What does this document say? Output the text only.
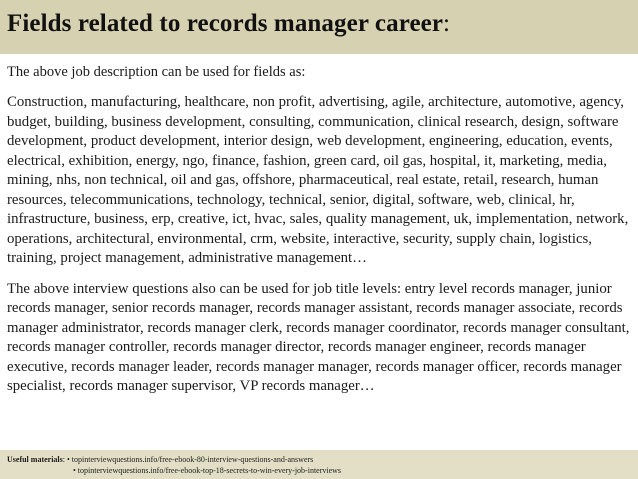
Fields related to records manager career:

The above job description can be used for fields as:

Construction, manufacturing, healthcare, non profit, advertising, agile, architecture, automotive, agency, budget, building, business development, consulting, communication, clinical research, design, software development, product development, interior design, web development, engineering, education, events, electrical, exhibition, energy, ngo, finance, fashion, green card, oil gas, hospital, it, marketing, media, mining, nhs, non technical, oil and gas, offshore, pharmaceutical, real estate, retail, research, human resources, telecommunications, technology, technical, senior, digital, software, web, clinical, hr, infrastructure, business, erp, creative, ict, hvac, sales, quality management, uk, implementation, network, operations, architectural, environmental, crm, website, interactive, security, supply chain, logistics, training, project management, administrative management…

The above interview questions also can be used for job title levels: entry level records manager, junior records manager, senior records manager, records manager assistant, records manager associate, records manager administrator, records manager clerk, records manager coordinator, records manager consultant, records manager controller, records manager director, records manager engineer, records manager executive, records manager leader, records manager manager, records manager officer, records manager specialist, records manager supervisor, VP records manager…

Useful materials: • topinterviewquestions.info/free-ebook-80-interview-questions-and-answers
• topinterviewquestions.info/free-ebook-top-18-secrets-to-win-every-job-interviews
